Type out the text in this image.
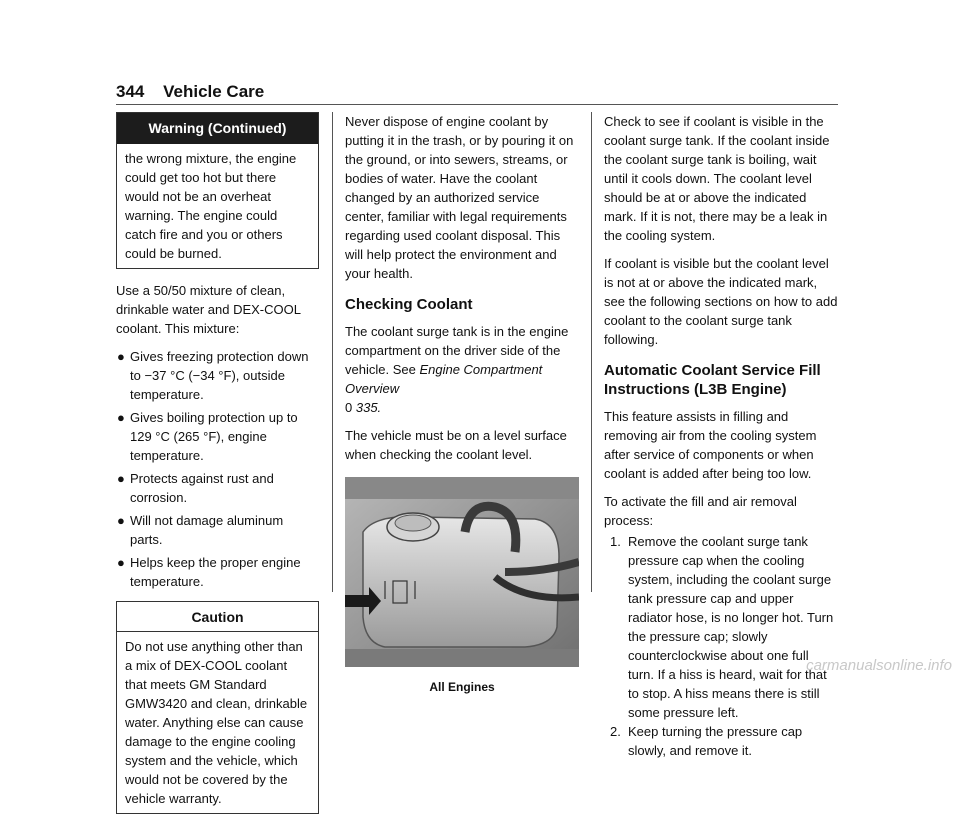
344 Vehicle Care
Warning (Continued)
the wrong mixture, the engine could get too hot but there would not be an overheat warning. The engine could catch fire and you or others could be burned.

Use a 50/50 mixture of clean, drinkable water and DEX-COOL coolant. This mixture:

● Gives freezing protection down to −37 °C (−34 °F), outside temperature.
● Gives boiling protection up to 129 °C (265 °F), engine temperature.
● Protects against rust and corrosion.
● Will not damage aluminum parts.
● Helps keep the proper engine temperature.
Caution
Do not use anything other than a mix of DEX-COOL coolant that meets GM Standard GMW3420 and clean, drinkable water. Anything else can cause damage to the engine cooling system and the vehicle, which would not be covered by the vehicle warranty.

Never dispose of engine coolant by putting it in the trash, or by pouring it on the ground, or into sewers, streams, or bodies of water. Have the coolant changed by an authorized service center, familiar with legal requirements regarding used coolant disposal. This will help protect the environment and your health.

Checking Coolant

The coolant surge tank is in the engine compartment on the driver side of the vehicle. See Engine Compartment Overview
0 335.

The vehicle must be on a level surface when checking the coolant level.

All Engines

Check to see if coolant is visible in the coolant surge tank. If the coolant inside the coolant surge tank is boiling, wait until it cools down. The coolant level should be at or above the indicated mark. If it is not, there may be a leak in the cooling system.

If coolant is visible but the coolant level is not at or above the indicated mark, see the following sections on how to add coolant to the coolant surge tank following.

Automatic Coolant Service Fill Instructions (L3B Engine)

This feature assists in filling and removing air from the cooling system after service of components or when coolant is added after being too low.

To activate the fill and air removal process:

1. Remove the coolant surge tank pressure cap when the cooling system, including the coolant surge tank pressure cap and upper radiator hose, is no longer hot. Turn the pressure cap; slowly counterclockwise about one full turn. If a hiss is heard, wait for that to stop. A hiss means there is still some pressure left.
2. Keep turning the pressure cap slowly, and remove it.
carmanualsonline.info
